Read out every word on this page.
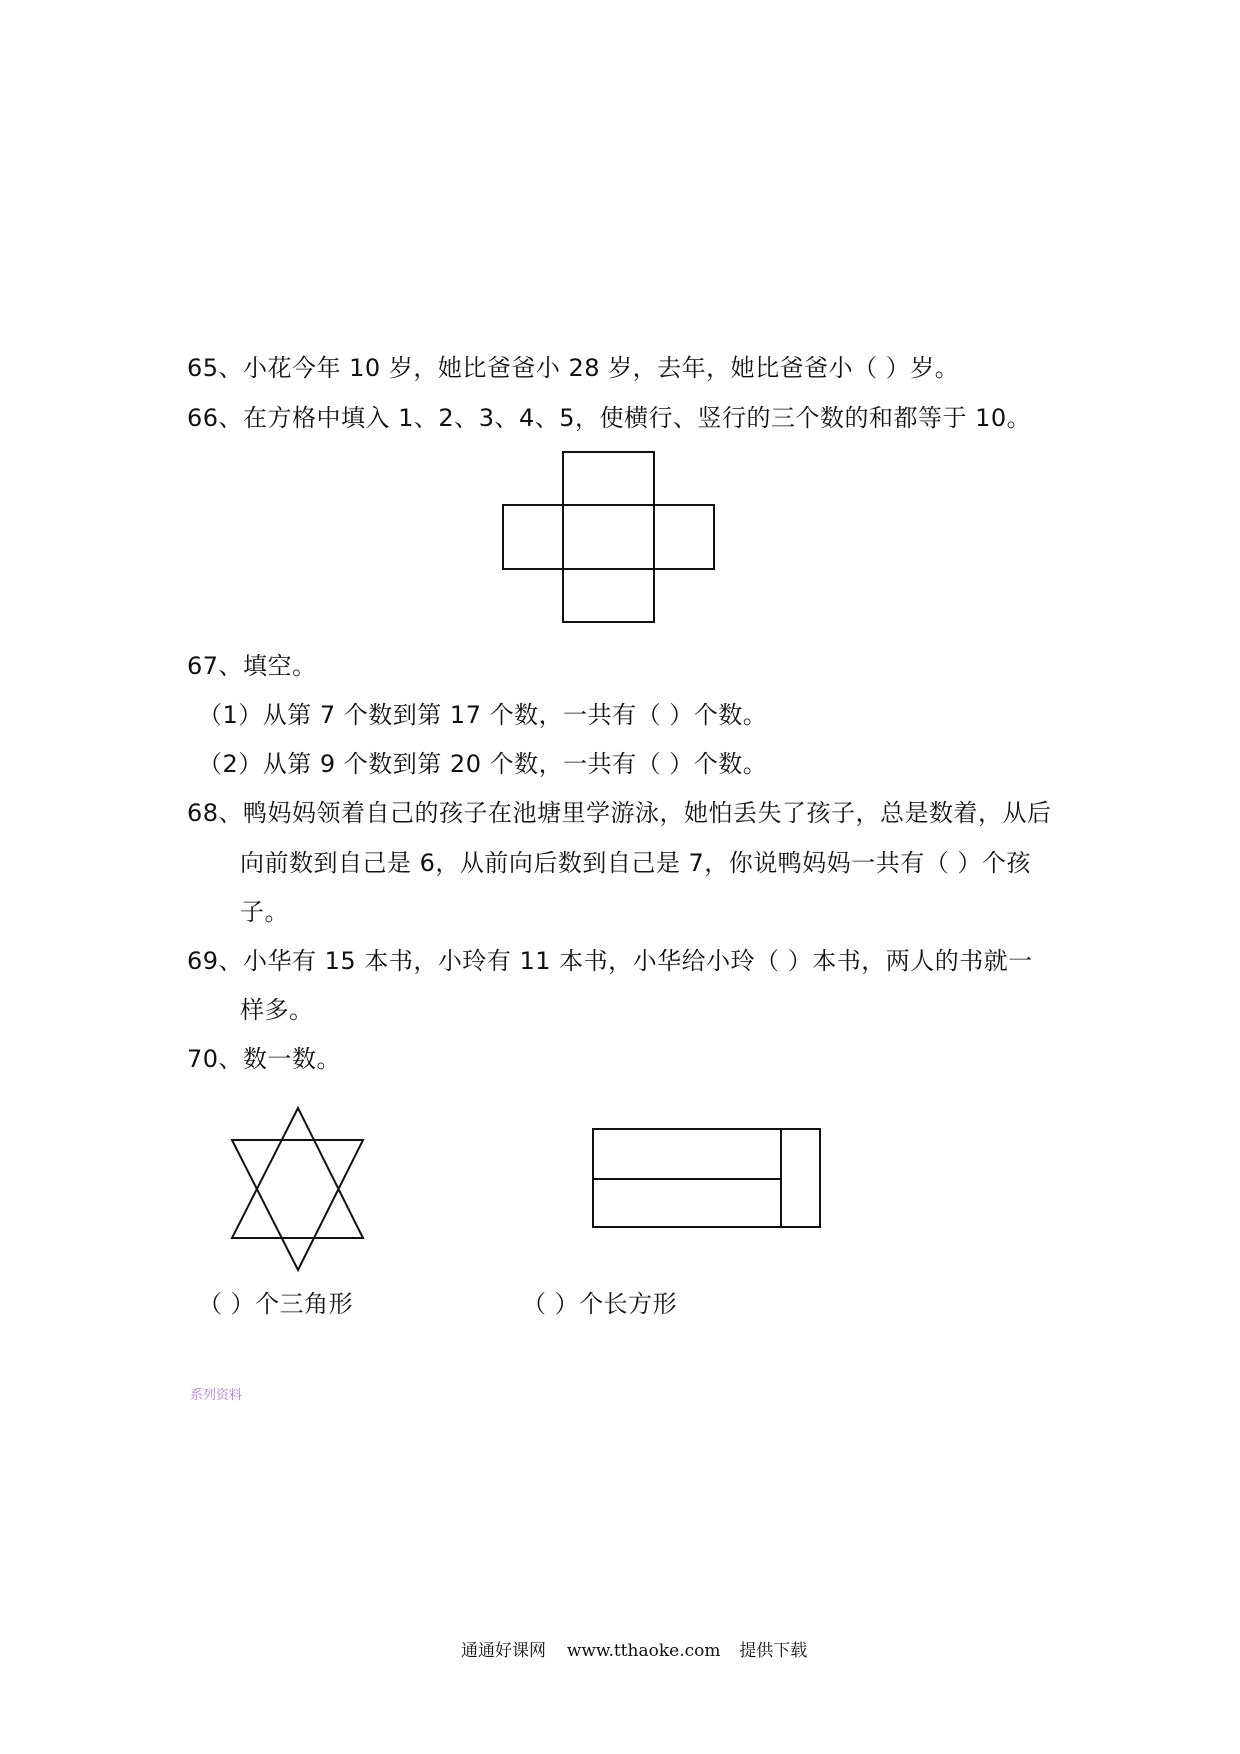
65、小花今年 10 岁，她比爸爸小 28 岁，去年，她比爸爸小（ ）岁。
66、在方格中填入 1、2、3、4、5，使横行、竖行的三个数的和都等于 10。
67、填空。
（1）从第 7 个数到第 17 个数，一共有（ ）个数。
（2）从第 9 个数到第 20 个数，一共有（ ）个数。
68、鸭妈妈领着自己的孩子在池塘里学游泳，她怕丢失了孩子，总是数着，从后
向前数到自己是 6，从前向后数到自己是 7，你说鸭妈妈一共有（ ）个孩
子。
69、小华有 15 本书，小玲有 11 本书，小华给小玲（ ）本书，两人的书就一
样多。
70、数一数。
（ ）个三角形	（ ）个长方形
系列资料
通通好课网 www.tthaoke.com 提供下载
